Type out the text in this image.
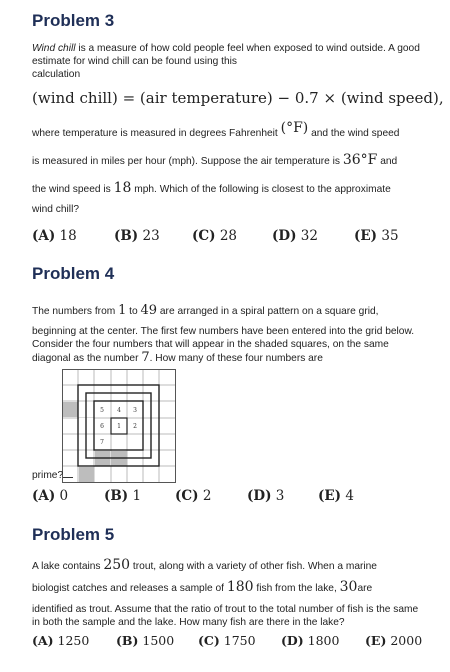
Problem 3
Wind chill is a measure of how cold people feel when exposed to wind outside. A good estimate for wind chill can be found using this
calculation
(wind chill) = (air temperature) − 0.7 × (wind speed),
where temperature is measured in degrees Fahrenheit (°F) and the wind speed
is measured in miles per hour (mph). Suppose the air temperature is 36°F and
the wind speed is 18 mph. Which of the following is closest to the approximate
wind chill?
(A) 18	(B) 23 (C) 28	(D) 32	(E) 35
Problem 4
The numbers from 1 to 49 are arranged in a spiral pattern on a square grid,
beginning at the center. The first few numbers have been entered into the grid below. Consider the four numbers that will appear in the shaded squares, on the same diagonal as the number 7. How many of these four numbers are
5 4 3
6 1 2
7
prime?
(A) 0	(B) 1	(C) 2	(D) 3 (E) 4
Problem 5
A lake contains 250 trout, along with a variety of other fish. When a marine
biologist catches and releases a sample of 180 fish from the lake, 30are
identified as trout. Assume that the ratio of trout to the total number of fish is the same in both the sample and the lake. How many fish are there in the lake?
(A) 1250 (B) 1500 (C) 1750 (D) 1800 (E) 2000
